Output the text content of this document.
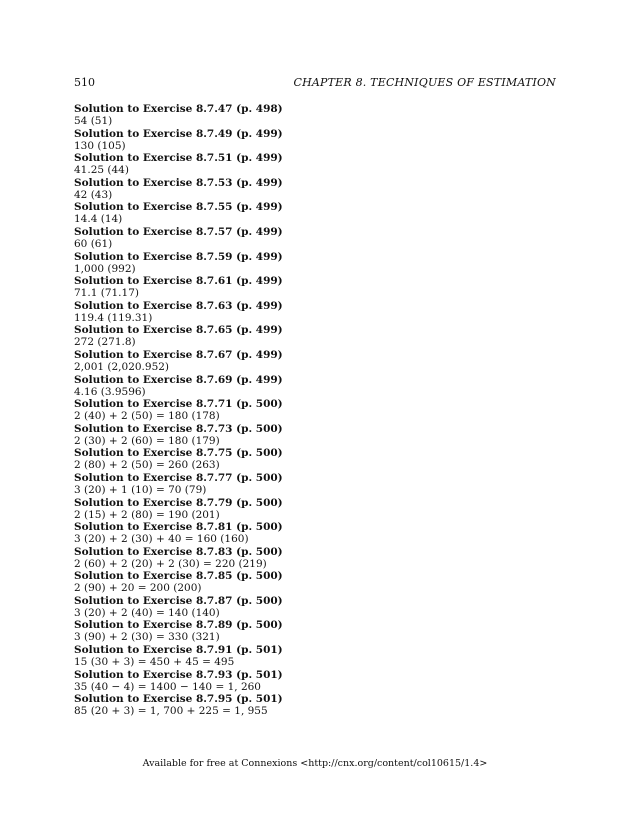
510	CHAPTER 8. TECHNIQUES OF ESTIMATION
Solution to Exercise 8.7.47 (p. 498)
54 (51)
Solution to Exercise 8.7.49 (p. 499)
130 (105)
Solution to Exercise 8.7.51 (p. 499)
41.25 (44)
Solution to Exercise 8.7.53 (p. 499)
42 (43)
Solution to Exercise 8.7.55 (p. 499)
14.4 (14)
Solution to Exercise 8.7.57 (p. 499)
60 (61)
Solution to Exercise 8.7.59 (p. 499)
1,000 (992)
Solution to Exercise 8.7.61 (p. 499)
71.1 (71.17)
Solution to Exercise 8.7.63 (p. 499)
119.4 (119.31)
Solution to Exercise 8.7.65 (p. 499)
272 (271.8)
Solution to Exercise 8.7.67 (p. 499)
2,001 (2,020.952)
Solution to Exercise 8.7.69 (p. 499)
4.16 (3.9596)
Solution to Exercise 8.7.71 (p. 500)
2 (40) + 2 (50) = 180 (178)
Solution to Exercise 8.7.73 (p. 500)
2 (30) + 2 (60) = 180 (179)
Solution to Exercise 8.7.75 (p. 500)
2 (80) + 2 (50) = 260 (263)
Solution to Exercise 8.7.77 (p. 500)
3 (20) + 1 (10) = 70 (79)
Solution to Exercise 8.7.79 (p. 500)
2 (15) + 2 (80) = 190 (201)
Solution to Exercise 8.7.81 (p. 500)
3 (20) + 2 (30) + 40 = 160 (160)
Solution to Exercise 8.7.83 (p. 500)
2 (60) + 2 (20) + 2 (30) = 220 (219)
Solution to Exercise 8.7.85 (p. 500)
2 (90) + 20 = 200 (200)
Solution to Exercise 8.7.87 (p. 500)
3 (20) + 2 (40) = 140 (140)
Solution to Exercise 8.7.89 (p. 500)
3 (90) + 2 (30) = 330 (321)
Solution to Exercise 8.7.91 (p. 501)
15 (30 + 3) = 450 + 45 = 495
Solution to Exercise 8.7.93 (p. 501)
35 (40 − 4) = 1400 − 140 = 1, 260
Solution to Exercise 8.7.95 (p. 501)
85 (20 + 3) = 1, 700 + 225 = 1, 955
Available for free at Connexions <http://cnx.org/content/col10615/1.4>
